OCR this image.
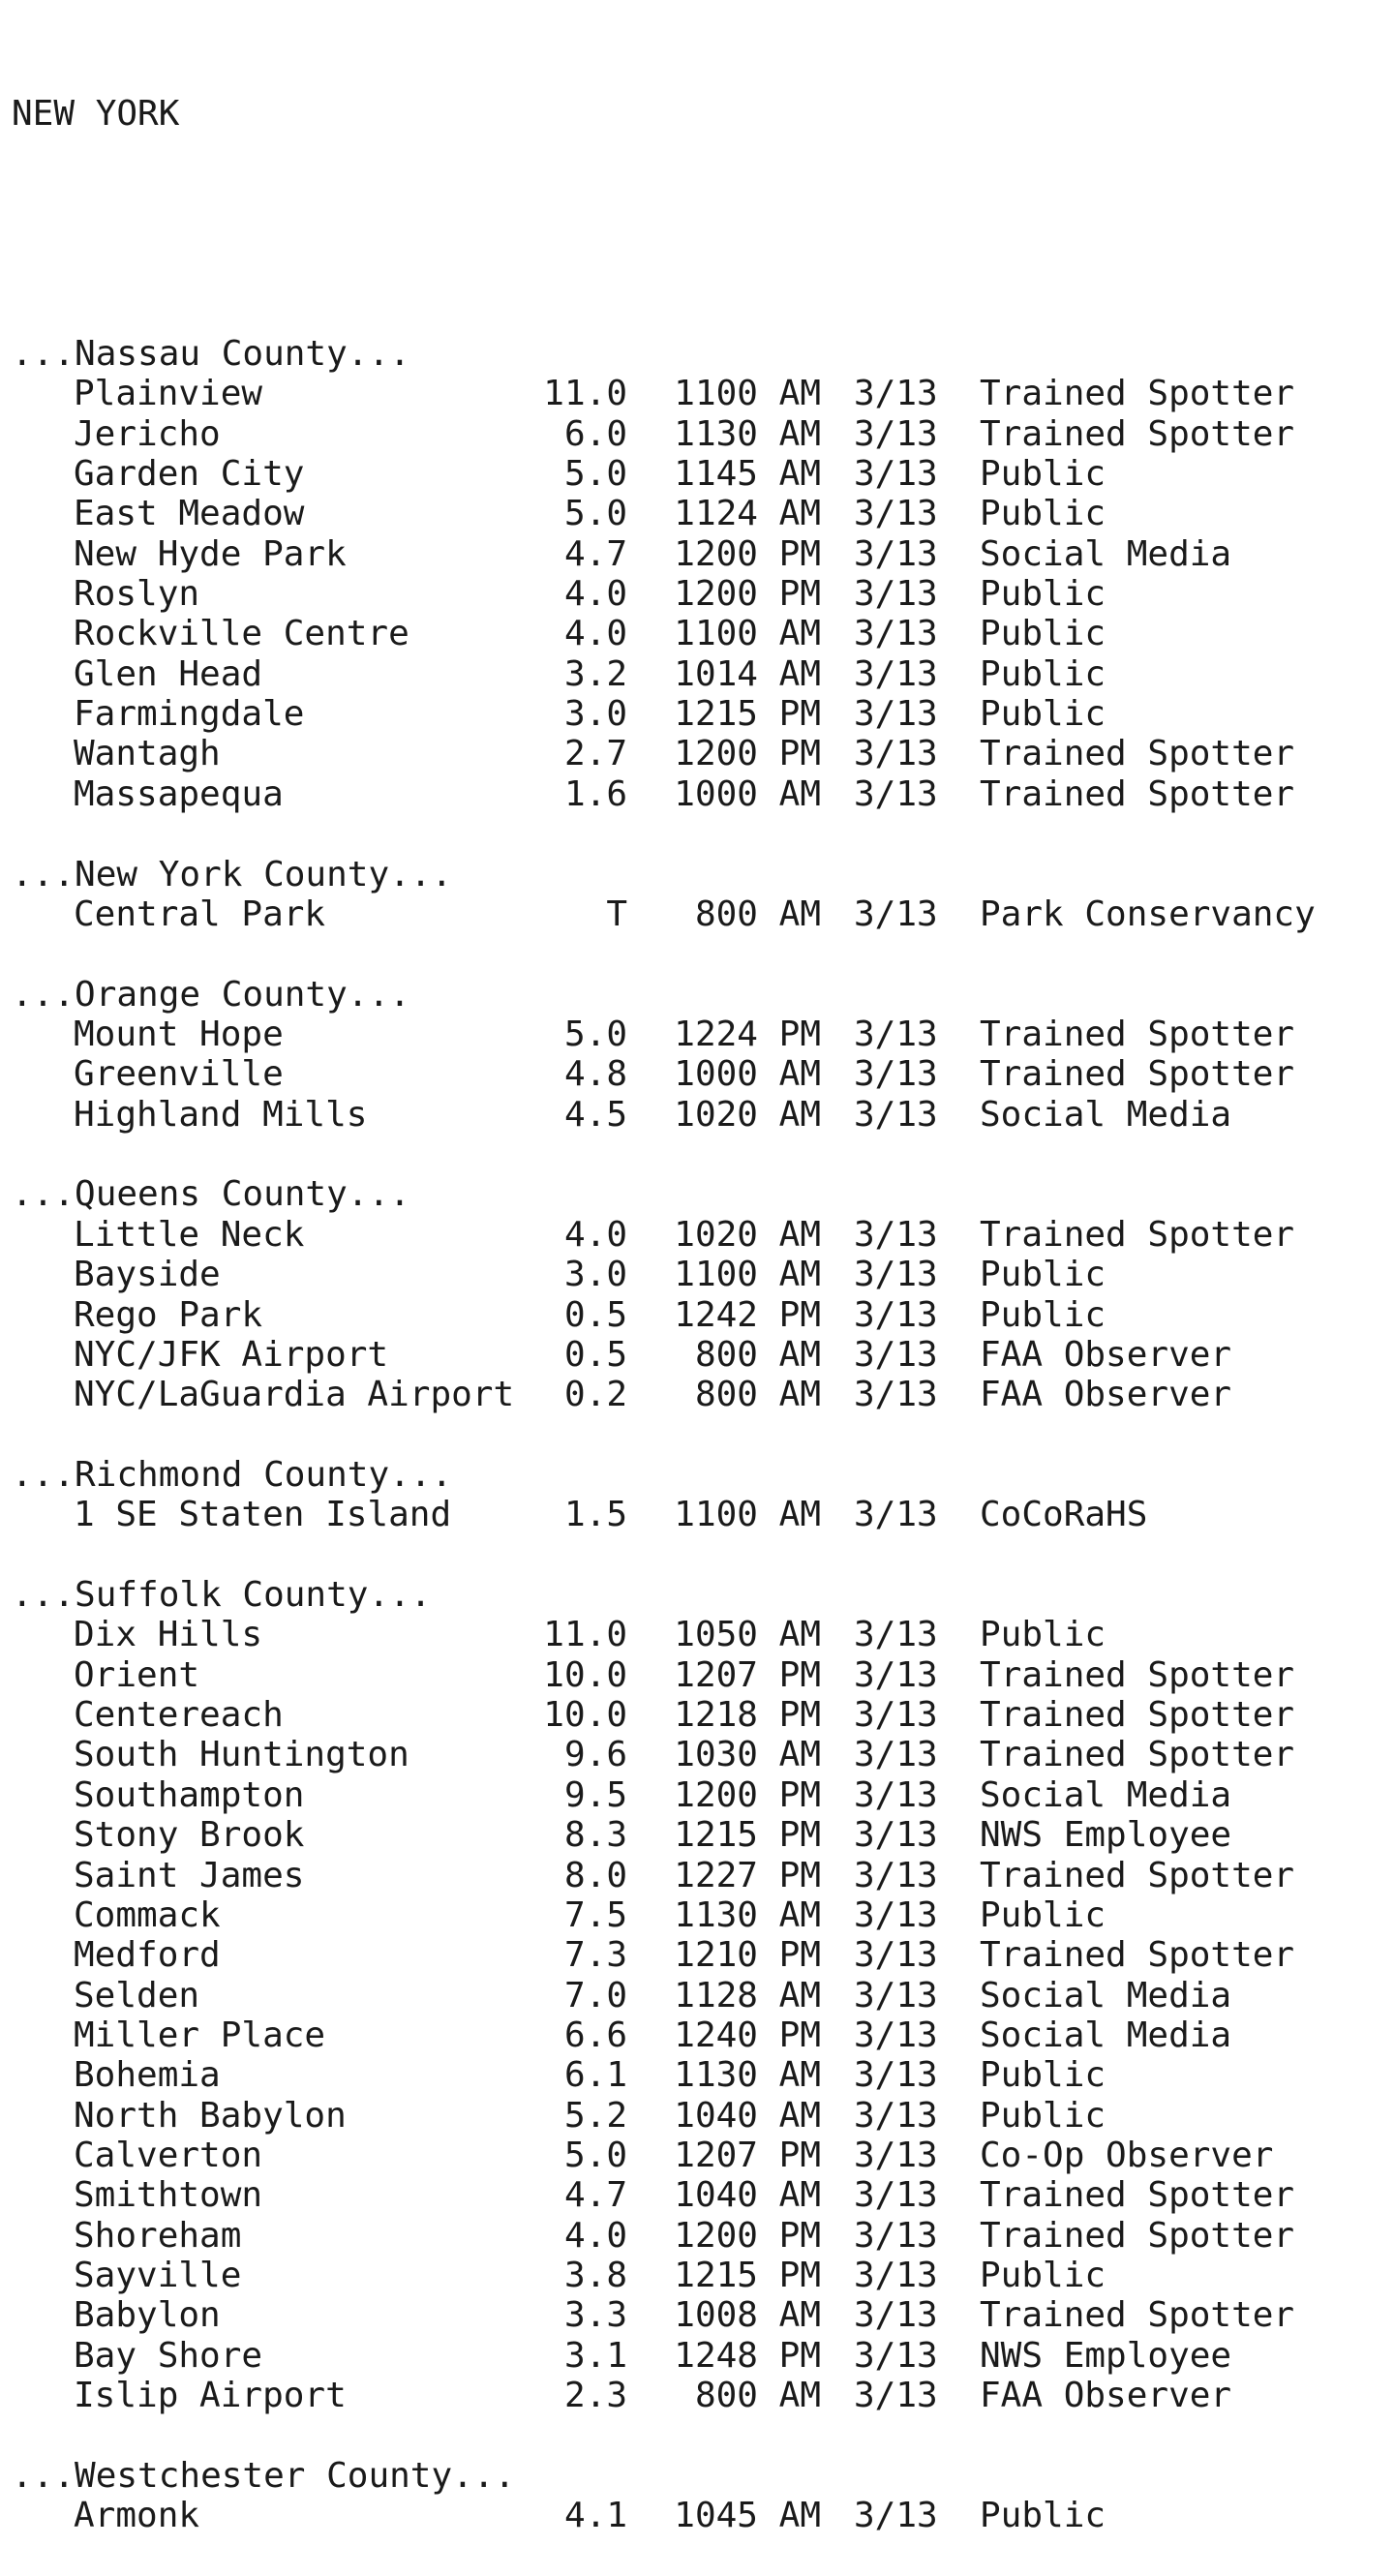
NEW YORK

...Nassau County...
Plainview	11.0	1100 AM 3/13 Trained Spotter
Jericho	6.0	1130 AM 3/13 Trained Spotter
Garden City	5.0	1145 AM 3/13 Public
East Meadow	5.0	1124 AM 3/13 Public
New Hyde Park	4.7	1200 PM 3/13 Social Media
Roslyn	4.0	1200 PM 3/13 Public
Rockville Centre	4.0	1100 AM 3/13 Public
Glen Head	3.2	1014 AM 3/13 Public
Farmingdale	3.0	1215 PM 3/13 Public
Wantagh	2.7	1200 PM 3/13 Trained Spotter
Massapequa	1.6	1000 AM 3/13 Trained Spotter
...New York County...
Central Park	T	800 AM 3/13 Park Conservancy
...Orange County...
Mount Hope	5.0	1224 PM 3/13 Trained Spotter
Greenville	4.8	1000 AM 3/13 Trained Spotter
Highland Mills	4.5	1020 AM 3/13 Social Media
...Queens County...
Little Neck	4.0	1020 AM 3/13 Trained Spotter
Bayside	3.0	1100 AM 3/13 Public
Rego Park	0.5	1242 PM 3/13 Public
NYC/JFK Airport	0.5	800 AM 3/13 FAA Observer
NYC/LaGuardia Airport	0.2	800 AM 3/13 FAA Observer
...Richmond County...
1 SE Staten Island	1.5	1100 AM 3/13 CoCoRaHS
...Suffolk County...
Dix Hills	11.0	1050 AM 3/13 Public
Orient	10.0	1207 PM 3/13 Trained Spotter
Centereach	10.0	1218 PM 3/13 Trained Spotter
South Huntington	9.6	1030 AM 3/13 Trained Spotter
Southampton	9.5	1200 PM 3/13 Social Media
Stony Brook	8.3	1215 PM 3/13 NWS Employee
Saint James	8.0	1227 PM 3/13 Trained Spotter
Commack	7.5	1130 AM 3/13 Public
Medford	7.3	1210 PM 3/13 Trained Spotter
Selden	7.0	1128 AM 3/13 Social Media
Miller Place	6.6	1240 PM 3/13 Social Media
Bohemia	6.1	1130 AM 3/13 Public
North Babylon	5.2	1040 AM 3/13 Public
Calverton	5.0	1207 PM 3/13 Co-Op Observer
Smithtown	4.7	1040 AM 3/13 Trained Spotter
Shoreham	4.0	1200 PM 3/13 Trained Spotter
Sayville	3.8	1215 PM 3/13 Public
Babylon	3.3	1008 AM 3/13 Trained Spotter
Bay Shore	3.1	1248 PM 3/13 NWS Employee
Islip Airport	2.3	800 AM 3/13 FAA Observer
...Westchester County...
Armonk	4.1	1045 AM 3/13 Public
